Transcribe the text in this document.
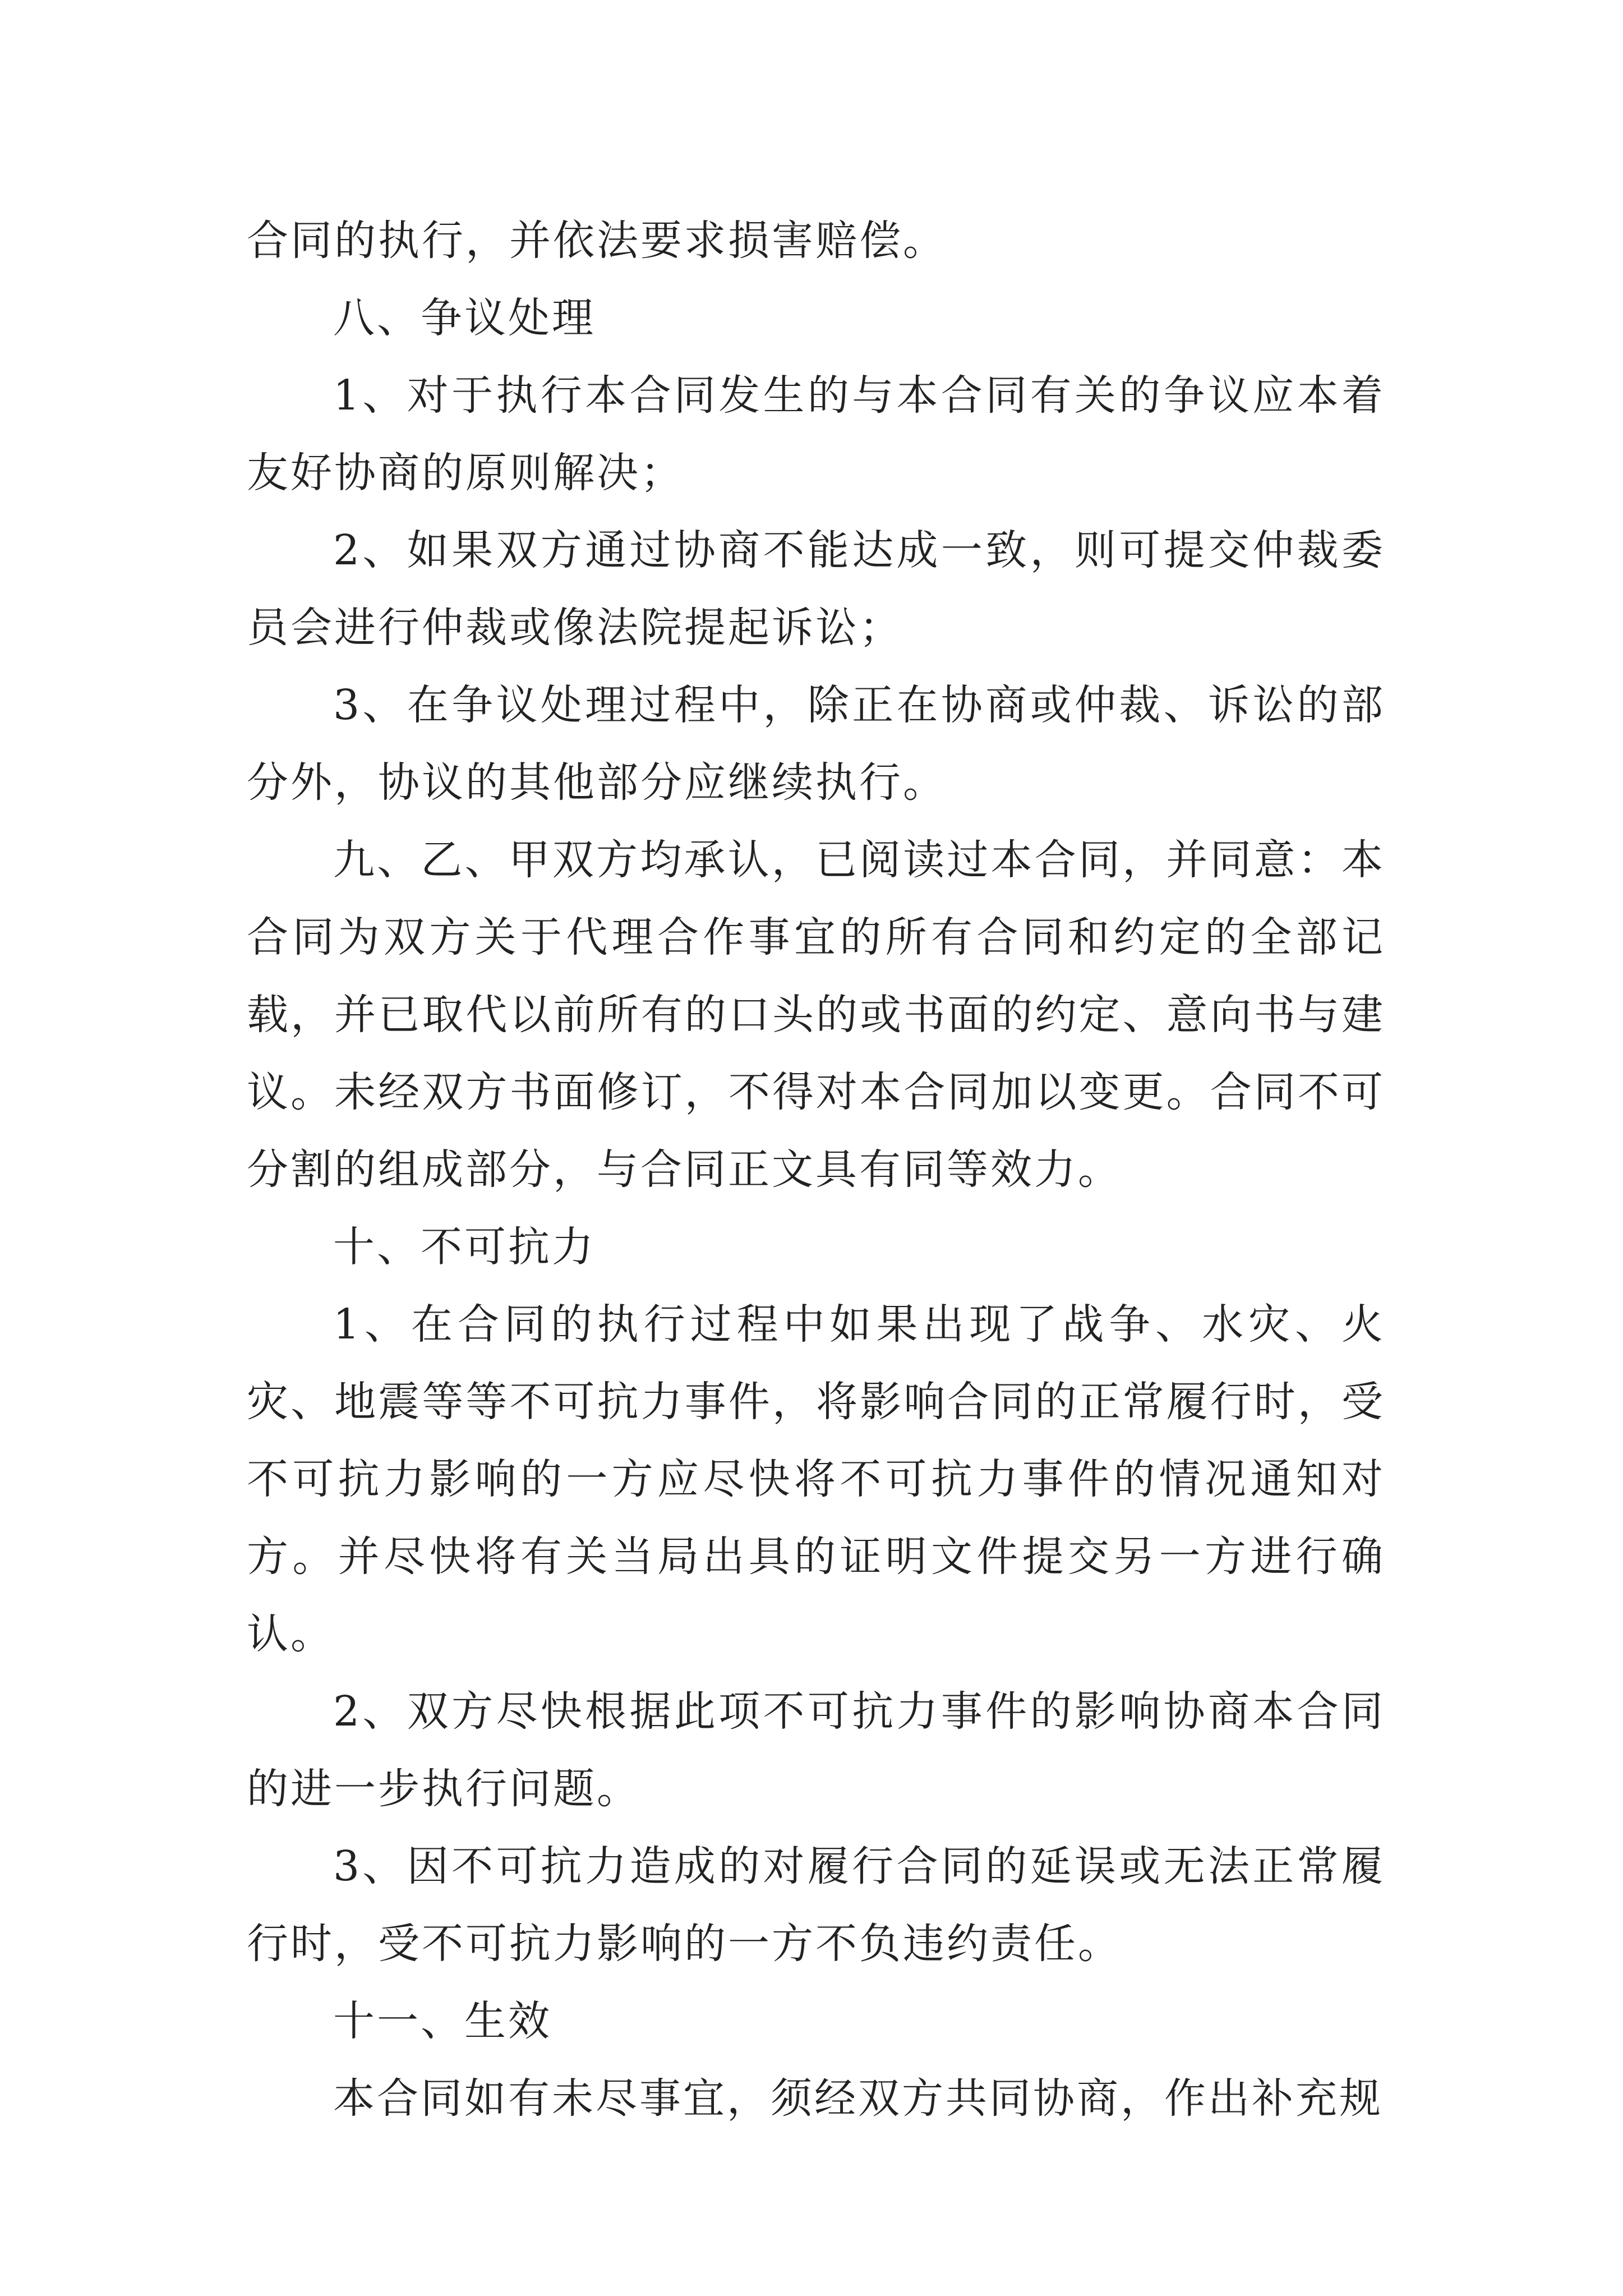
合同的执行，并依法要求损害赔偿。

八、争议处理

1、对于执行本合同发生的与本合同有关的争议应本着友好协商的原则解决；

2、如果双方通过协商不能达成一致，则可提交仲裁委员会进行仲裁或像法院提起诉讼；

3、在争议处理过程中，除正在协商或仲裁、诉讼的部分外，协议的其他部分应继续执行。

九、乙、甲双方均承认，已阅读过本合同，并同意：本合同为双方关于代理合作事宜的所有合同和约定的全部记载，并已取代以前所有的口头的或书面的约定、意向书与建议。未经双方书面修订，不得对本合同加以变更。合同不可分割的组成部分，与合同正文具有同等效力。

十、不可抗力

1、在合同的执行过程中如果出现了战争、水灾、火灾、地震等等不可抗力事件，将影响合同的正常履行时，受不可抗力影响的一方应尽快将不可抗力事件的情况通知对方。并尽快将有关当局出具的证明文件提交另一方进行确认。

2、双方尽快根据此项不可抗力事件的影响协商本合同的进一步执行问题。

3、因不可抗力造成的对履行合同的延误或无法正常履行时，受不可抗力影响的一方不负违约责任。

十一、生效

本合同如有未尽事宜，须经双方共同协商，作出补充规
